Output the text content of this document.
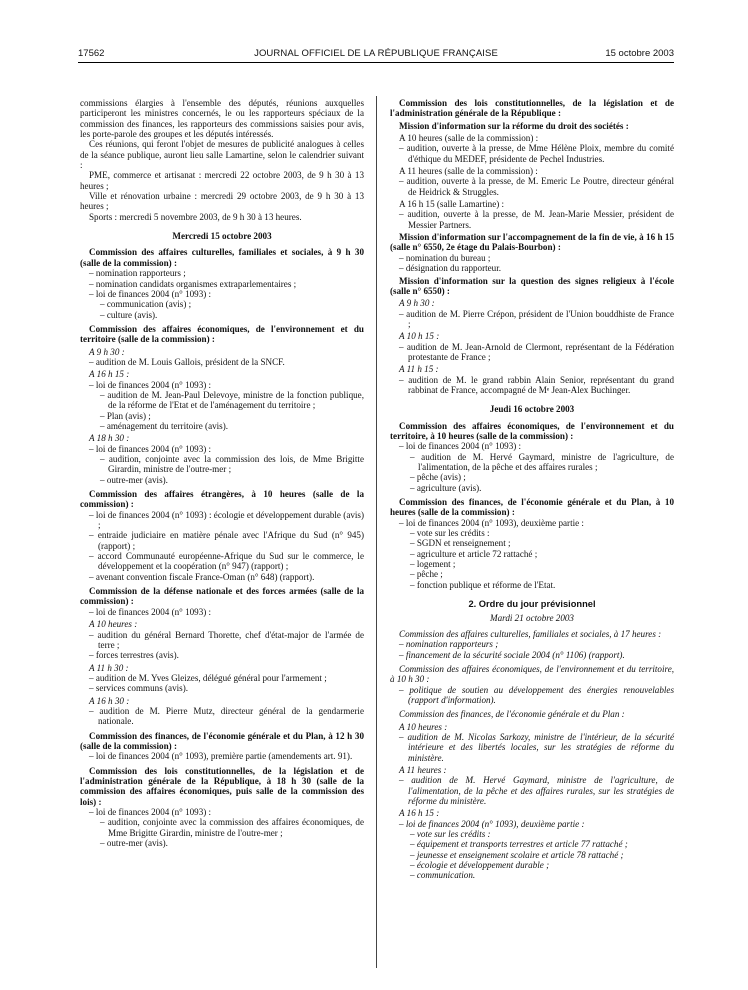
17562	JOURNAL OFFICIEL DE LA RÉPUBLIQUE FRANÇAISE	15 octobre 2003
commissions élargies à l'ensemble des députés, réunions auxquelles participeront les ministres concernés, le ou les rapporteurs spéciaux de la commission des finances, les rapporteurs des commissions saisies pour avis, les porte-parole des groupes et les députés intéressés.
Ces réunions, qui feront l'objet de mesures de publicité analogues à celles de la séance publique, auront lieu salle Lamartine, selon le calendrier suivant :
PME, commerce et artisanat : mercredi 22 octobre 2003, de 9 h 30 à 13 heures ;
Ville et rénovation urbaine : mercredi 29 octobre 2003, de 9 h 30 à 13 heures ;
Sports : mercredi 5 novembre 2003, de 9 h 30 à 13 heures.
Mercredi 15 octobre 2003
Commission des affaires culturelles, familiales et sociales, à 9 h 30 (salle de la commission) :
– nomination rapporteurs ;
– nomination candidats organismes extraparlementaires ;
– loi de finances 2004 (n° 1093) :
– communication (avis) ;
– culture (avis).
Commission des affaires économiques, de l'environnement et du territoire (salle de la commission) :
A 9 h 30 :
– audition de M. Louis Gallois, président de la SNCF.
A 16 h 15 :
– loi de finances 2004 (n° 1093) :
– audition de M. Jean-Paul Delevoye, ministre de la fonction publique, de la réforme de l'Etat et de l'aménagement du territoire ;
– Plan (avis) ;
– aménagement du territoire (avis).
A 18 h 30 :
– loi de finances 2004 (n° 1093) :
– audition, conjointe avec la commission des lois, de Mme Brigitte Girardin, ministre de l'outre-mer ;
– outre-mer (avis).
Commission des affaires étrangères, à 10 heures (salle de la commission) :
– loi de finances 2004 (n° 1093) : écologie et développement durable (avis) ;
– entraide judiciaire en matière pénale avec l'Afrique du Sud (n° 945) (rapport) ;
– accord Communauté européenne-Afrique du Sud sur le commerce, le développement et la coopération (n° 947) (rapport) ;
– avenant convention fiscale France-Oman (n° 648) (rapport).
Commission de la défense nationale et des forces armées (salle de la commission) :
– loi de finances 2004 (n° 1093) :
A 10 heures :
– audition du général Bernard Thorette, chef d'état-major de l'armée de terre ;
– forces terrestres (avis).
A 11 h 30 :
– audition de M. Yves Gleizes, délégué général pour l'armement ;
– services communs (avis).
A 16 h 30 :
– audition de M. Pierre Mutz, directeur général de la gendarmerie nationale.
Commission des finances, de l'économie générale et du Plan, à 12 h 30 (salle de la commission) :
– loi de finances 2004 (n° 1093), première partie (amendements art. 91).
Commission des lois constitutionnelles, de la législation et de l'administration générale de la République, à 18 h 30 (salle de la commission des affaires économiques, puis salle de la commission des lois) :
– loi de finances 2004 (n° 1093) :
– audition, conjointe avec la commission des affaires économiques, de Mme Brigitte Girardin, ministre de l'outre-mer ;
– outre-mer (avis).
Commission des lois constitutionnelles, de la législation et de l'administration générale de la République :
Mission d'information sur la réforme du droit des sociétés :
A 10 heures (salle de la commission) :
– audition, ouverte à la presse, de Mme Hélène Ploix, membre du comité d'éthique du MEDEF, présidente de Pechel Industries.
A 11 heures (salle de la commission) :
– audition, ouverte à la presse, de M. Emeric Le Poutre, directeur général de Heidrick & Struggles.
A 16 h 15 (salle Lamartine) :
– audition, ouverte à la presse, de M. Jean-Marie Messier, président de Messier Partners.
Mission d'information sur l'accompagnement de la fin de vie, à 16 h 15 (salle n° 6550, 2e étage du Palais-Bourbon) :
– nomination du bureau ;
– désignation du rapporteur.
Mission d'information sur la question des signes religieux à l'école (salle n° 6550) :
A 9 h 30 :
– audition de M. Pierre Crépon, président de l'Union bouddhiste de France ;
A 10 h 15 :
– audition de M. Jean-Arnold de Clermont, représentant de la Fédération protestante de France ;
A 11 h 15 :
– audition de M. le grand rabbin Alain Senior, représentant du grand rabbinat de France, accompagné de Mᵉ Jean-Alex Buchinger.
Jeudi 16 octobre 2003
Commission des affaires économiques, de l'environnement et du territoire, à 10 heures (salle de la commission) :
– loi de finances 2004 (n° 1093) :
– audition de M. Hervé Gaymard, ministre de l'agriculture, de l'alimentation, de la pêche et des affaires rurales ;
– pêche (avis) ;
– agriculture (avis).
Commission des finances, de l'économie générale et du Plan, à 10 heures (salle de la commission) :
– loi de finances 2004 (n° 1093), deuxième partie :
– vote sur les crédits :
– SGDN et renseignement ;
– agriculture et article 72 rattaché ;
– logement ;
– pêche ;
– fonction publique et réforme de l'Etat.
2. Ordre du jour prévisionnel
Mardi 21 octobre 2003
Commission des affaires culturelles, familiales et sociales, à 17 heures :
– nomination rapporteurs ;
– financement de la sécurité sociale 2004 (n° 1106) (rapport).
Commission des affaires économiques, de l'environnement et du territoire, à 10 h 30 :
– politique de soutien au développement des énergies renouvelables (rapport d'information).
Commission des finances, de l'économie générale et du Plan :
A 10 heures :
– audition de M. Nicolas Sarkozy, ministre de l'intérieur, de la sécurité intérieure et des libertés locales, sur les stratégies de réforme du ministère.
A 11 heures :
– audition de M. Hervé Gaymard, ministre de l'agriculture, de l'alimentation, de la pêche et des affaires rurales, sur les stratégies de réforme du ministère.
A 16 h 15 :
– loi de finances 2004 (n° 1093), deuxième partie :
– vote sur les crédits :
– équipement et transports terrestres et article 77 rattaché ;
– jeunesse et enseignement scolaire et article 78 rattaché ;
– écologie et développement durable ;
– communication.
